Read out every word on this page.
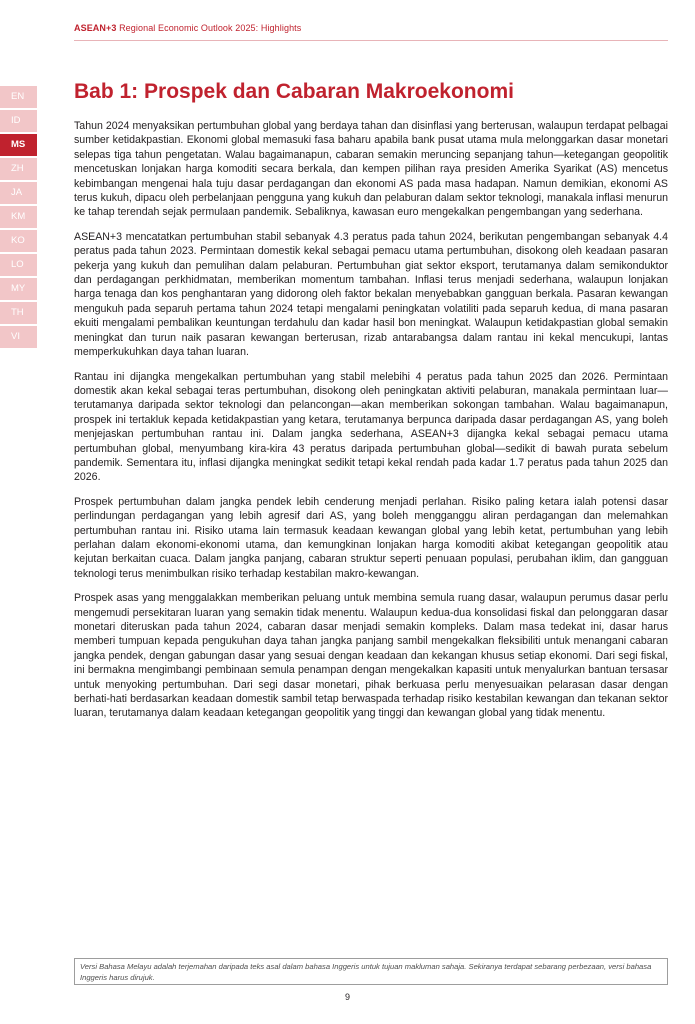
ASEAN+3 Regional Economic Outlook 2025: Highlights
EN
ID
MS
ZH
JA
KM
KO
LO
MY
TH
VI
Bab 1: Prospek dan Cabaran Makroekonomi

Tahun 2024 menyaksikan pertumbuhan global yang berdaya tahan dan disinflasi yang berterusan, walaupun terdapat pelbagai sumber ketidakpastian. Ekonomi global memasuki fasa baharu apabila bank pusat utama mula melonggarkan dasar monetari selepas tiga tahun pengetatan. Walau bagaimanapun, cabaran semakin meruncing sepanjang tahun—ketegangan geopolitik mencetuskan lonjakan harga komoditi secara berkala, dan kempen pilihan raya presiden Amerika Syarikat (AS) mencetus kebimbangan mengenai hala tuju dasar perdagangan dan ekonomi AS pada masa hadapan. Namun demikian, ekonomi AS terus kukuh, dipacu oleh perbelanjaan pengguna yang kukuh dan pelaburan dalam sektor teknologi, manakala inflasi menurun ke tahap terendah sejak permulaan pandemik. Sebaliknya, kawasan euro mengekalkan pengembangan yang sederhana.

ASEAN+3 mencatatkan pertumbuhan stabil sebanyak 4.3 peratus pada tahun 2024, berikutan pengembangan sebanyak 4.4 peratus pada tahun 2023. Permintaan domestik kekal sebagai pemacu utama pertumbuhan, disokong oleh keadaan pasaran pekerja yang kukuh dan pemulihan dalam pelaburan. Pertumbuhan giat sektor eksport, terutamanya dalam semikonduktor dan perdagangan perkhidmatan, memberikan momentum tambahan. Inflasi terus menjadi sederhana, walaupun lonjakan harga tenaga dan kos penghantaran yang didorong oleh faktor bekalan menyebabkan gangguan berkala. Pasaran kewangan mengukuh pada separuh pertama tahun 2024 tetapi mengalami peningkatan volatiliti pada separuh kedua, di mana pasaran ekuiti mengalami pembalikan keuntungan terdahulu dan kadar hasil bon meningkat. Walaupun ketidakpastian global semakin meningkat dan turun naik pasaran kewangan berterusan, rizab antarabangsa dalam rantau ini kekal mencukupi, lantas memperkukuhkan daya tahan luaran.

Rantau ini dijangka mengekalkan pertumbuhan yang stabil melebihi 4 peratus pada tahun 2025 dan 2026. Permintaan domestik akan kekal sebagai teras pertumbuhan, disokong oleh peningkatan aktiviti pelaburan, manakala permintaan luar—terutamanya daripada sektor teknologi dan pelancongan—akan memberikan sokongan tambahan. Walau bagaimanapun, prospek ini tertakluk kepada ketidakpastian yang ketara, terutamanya berpunca daripada dasar perdagangan AS, yang boleh menjejaskan pertumbuhan rantau ini. Dalam jangka sederhana, ASEAN+3 dijangka kekal sebagai pemacu utama pertumbuhan global, menyumbang kira-kira 43 peratus daripada pertumbuhan global—sedikit di bawah purata sebelum pandemik. Sementara itu, inflasi dijangka meningkat sedikit tetapi kekal rendah pada kadar 1.7 peratus pada tahun 2025 dan 2026.

Prospek pertumbuhan dalam jangka pendek lebih cenderung menjadi perlahan. Risiko paling ketara ialah potensi dasar perlindungan perdagangan yang lebih agresif dari AS, yang boleh mengganggu aliran perdagangan dan melemahkan pertumbuhan rantau ini. Risiko utama lain termasuk keadaan kewangan global yang lebih ketat, pertumbuhan yang lebih perlahan dalam ekonomi-ekonomi utama, dan kemungkinan lonjakan harga komoditi akibat ketegangan geopolitik atau kejutan berkaitan cuaca. Dalam jangka panjang, cabaran struktur seperti penuaan populasi, perubahan iklim, dan gangguan teknologi terus menimbulkan risiko terhadap kestabilan makro-kewangan.

Prospek asas yang menggalakkan memberikan peluang untuk membina semula ruang dasar, walaupun perumus dasar perlu mengemudi persekitaran luaran yang semakin tidak menentu. Walaupun kedua-dua konsolidasi fiskal dan pelonggaran dasar monetari diteruskan pada tahun 2024, cabaran dasar menjadi semakin kompleks. Dalam masa tedekat ini, dasar harus memberi tumpuan kepada pengukuhan daya tahan jangka panjang sambil mengekalkan fleksibiliti untuk menangani cabaran jangka pendek, dengan gabungan dasar yang sesuai dengan keadaan dan kekangan khusus setiap ekonomi. Dari segi fiskal, ini bermakna mengimbangi pembinaan semula penampan dengan mengekalkan kapasiti untuk menyalurkan bantuan tersasar untuk menyoking pertumbuhan. Dari segi dasar monetari, pihak berkuasa perlu menyesuaikan pelarasan dasar dengan berhati-hati berdasarkan keadaan domestik sambil tetap berwaspada terhadap risiko kestabilan kewangan dan tekanan sektor luaran, terutamanya dalam keadaan ketegangan geopolitik yang tinggi dan kewangan global yang tidak menentu.

Versi Bahasa Melayu adalah terjemahan daripada teks asal dalam bahasa Inggeris untuk tujuan makluman sahaja. Sekiranya terdapat sebarang perbezaan, versi bahasa Inggeris harus dirujuk.
9
